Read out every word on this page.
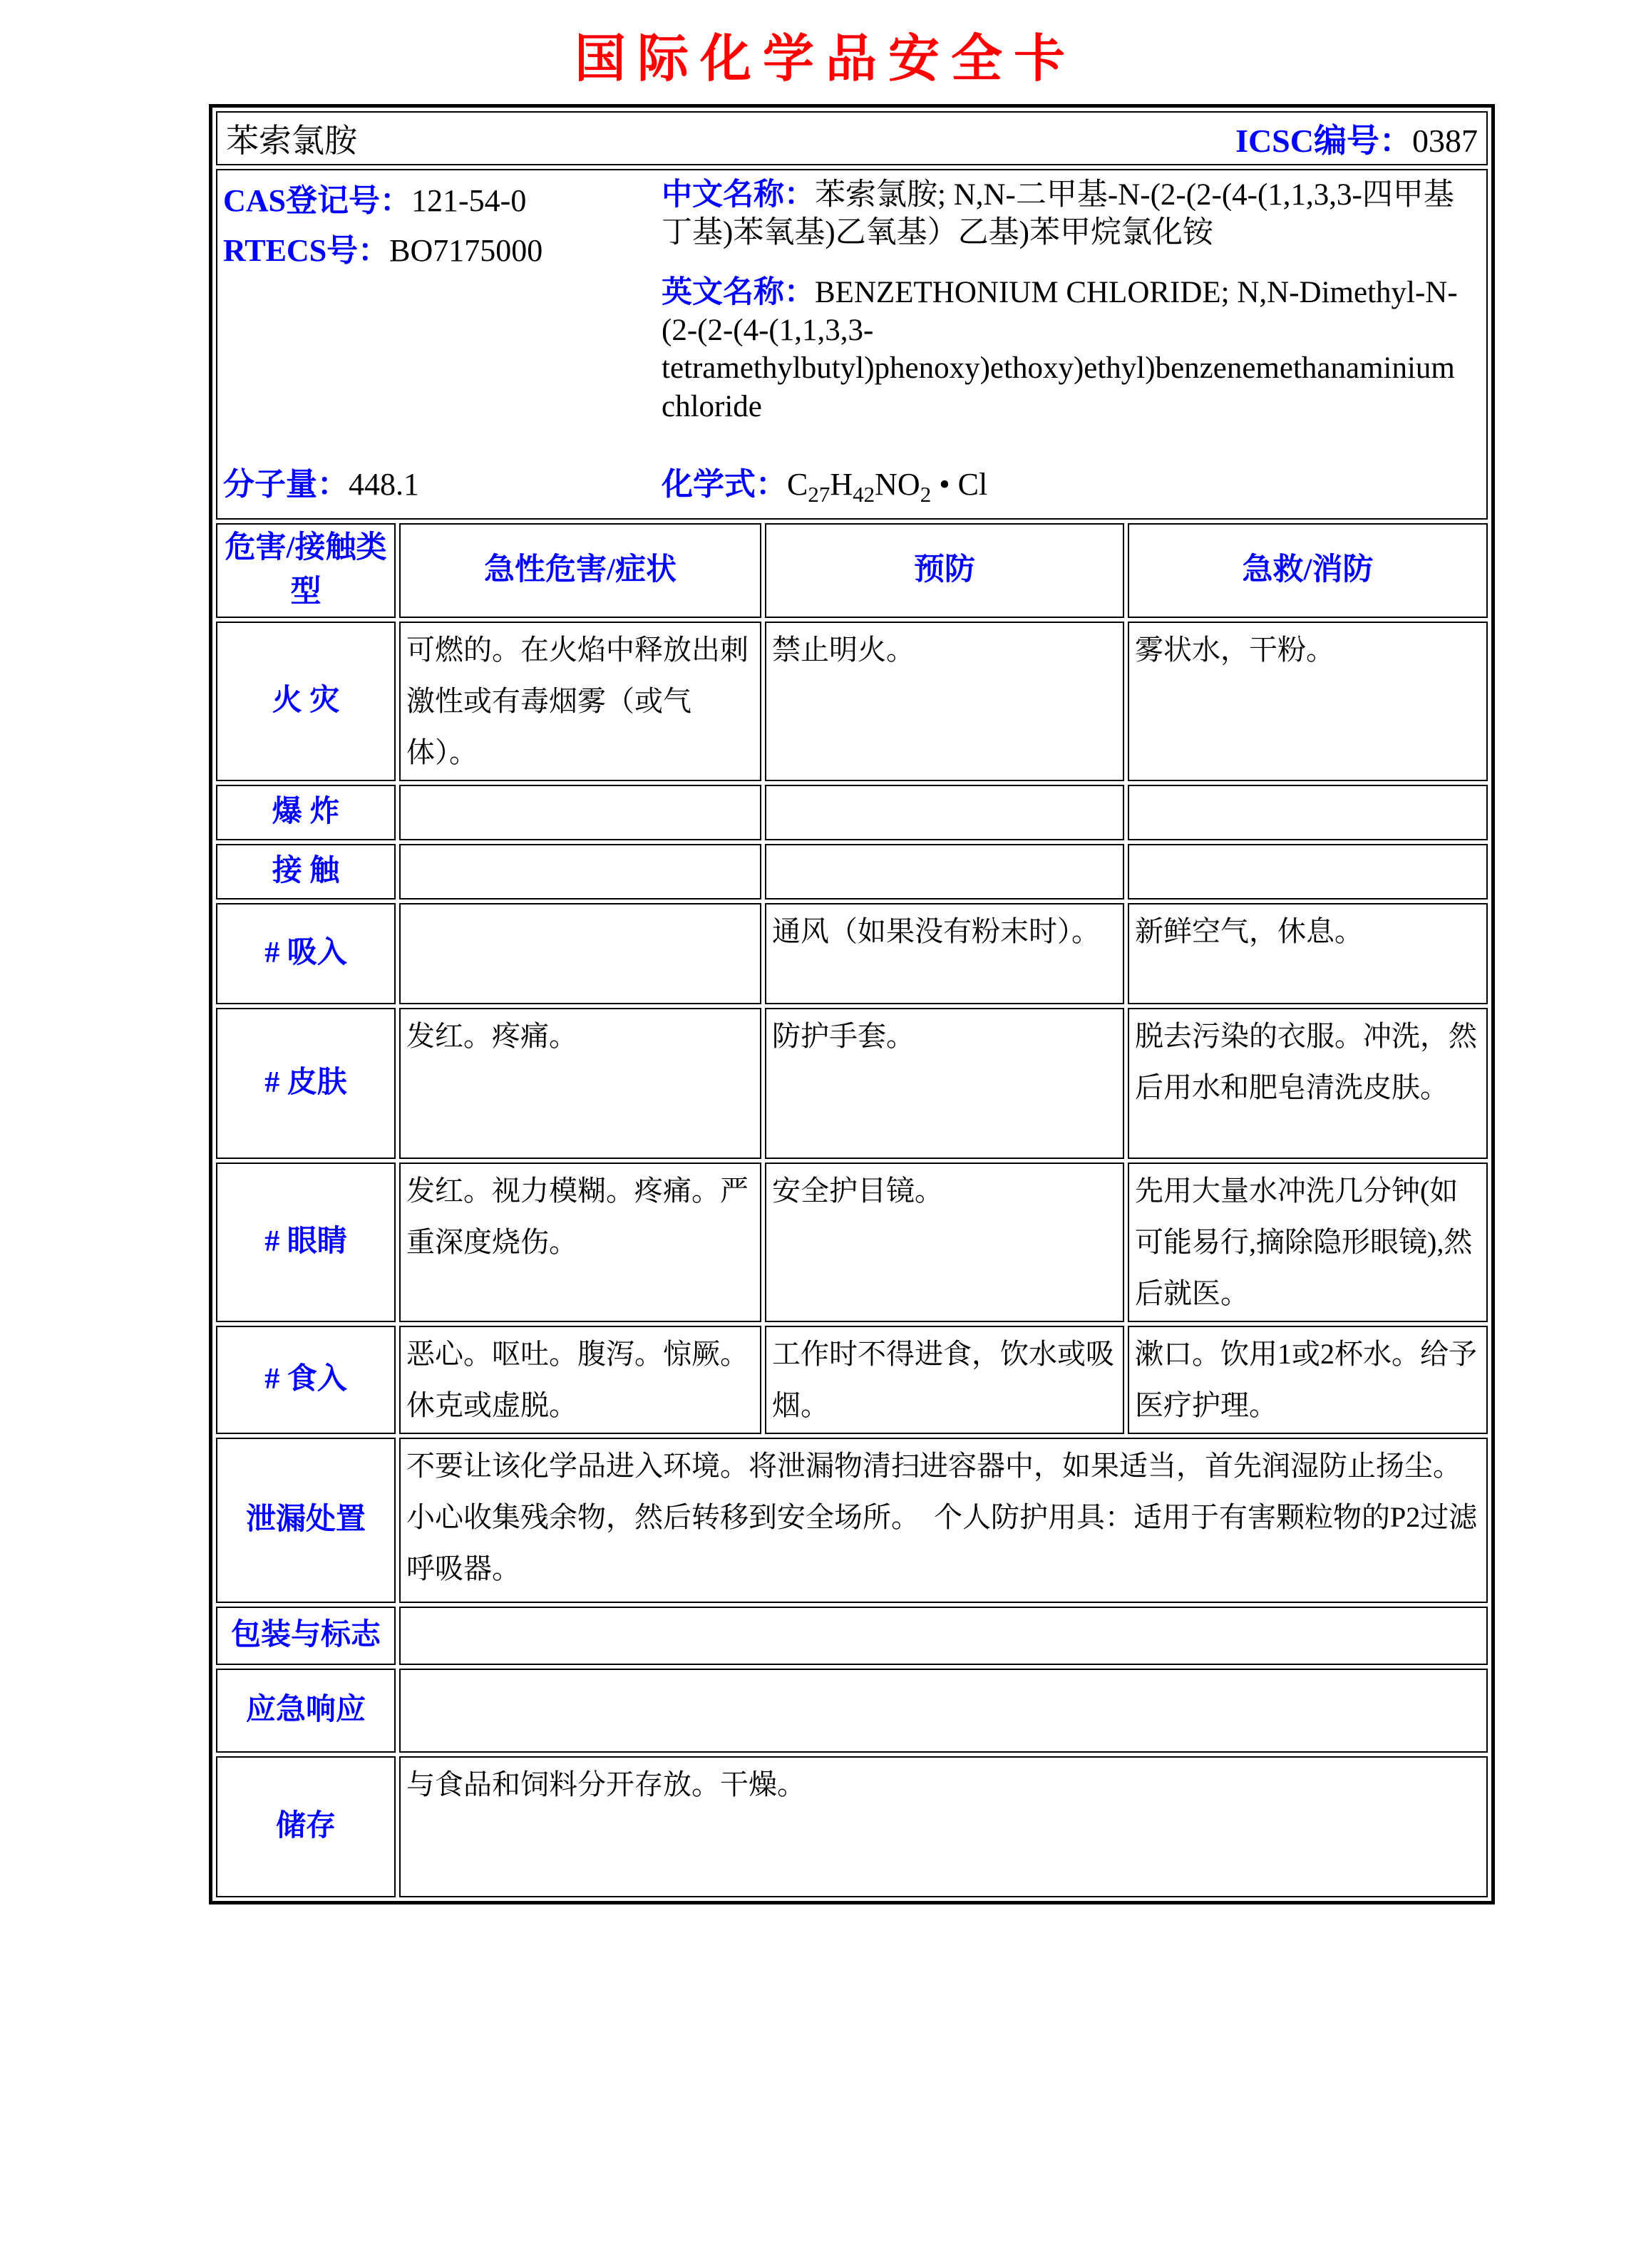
国际化学品安全卡
苯索氯胺 ICSC编号：0387			

CAS登记号：121-54-0
RTECS号：BO7175000

中文名称：苯索氯胺; N,N-二甲基-N-(2-(2-(4-(1,1,3,3-四甲基丁基)苯氧基)乙氧基）乙基)苯甲烷氯化铵

英文名称：BENZETHONIUM CHLORIDE; N,N-Dimethyl-N-(2-(2-(4-(1,1,3,3-tetramethylbutyl)phenoxy)ethoxy)ethyl)benzenemethanaminium chloride

分子量：448.1	化学式：$C_{27}H_{42}NO_2$ • Cl

危害/接触类型	急性危害/症状	预防	急救/消防
火 灾	可燃的。在火焰中释放出刺激性或有毒烟雾（或气体）。	禁止明火。	雾状水，干粉。
爆 炸			
接 触			
# 吸入		通风（如果没有粉末时）。	新鲜空气，休息。
# 皮肤	发红。疼痛。	防护手套。	脱去污染的衣服。冲洗，然后用水和肥皂清洗皮肤。
# 眼睛	发红。视力模糊。疼痛。严重深度烧伤。	安全护目镜。	先用大量水冲洗几分钟(如可能易行,摘除隐形眼镜),然后就医。
# 食入	恶心。呕吐。腹泻。惊厥。休克或虚脱。	工作时不得进食，饮水或吸烟。	漱口。饮用1或2杯水。给予医疗护理。
泄漏处置	不要让该化学品进入环境。将泄漏物清扫进容器中，如果适当，首先润湿防止扬尘。小心收集残余物，然后转移到安全场所。　个人防护用具：适用于有害颗粒物的P2过滤呼吸器。		
包装与标志			
应急响应			
储存	与食品和饲料分开存放。干燥。		
